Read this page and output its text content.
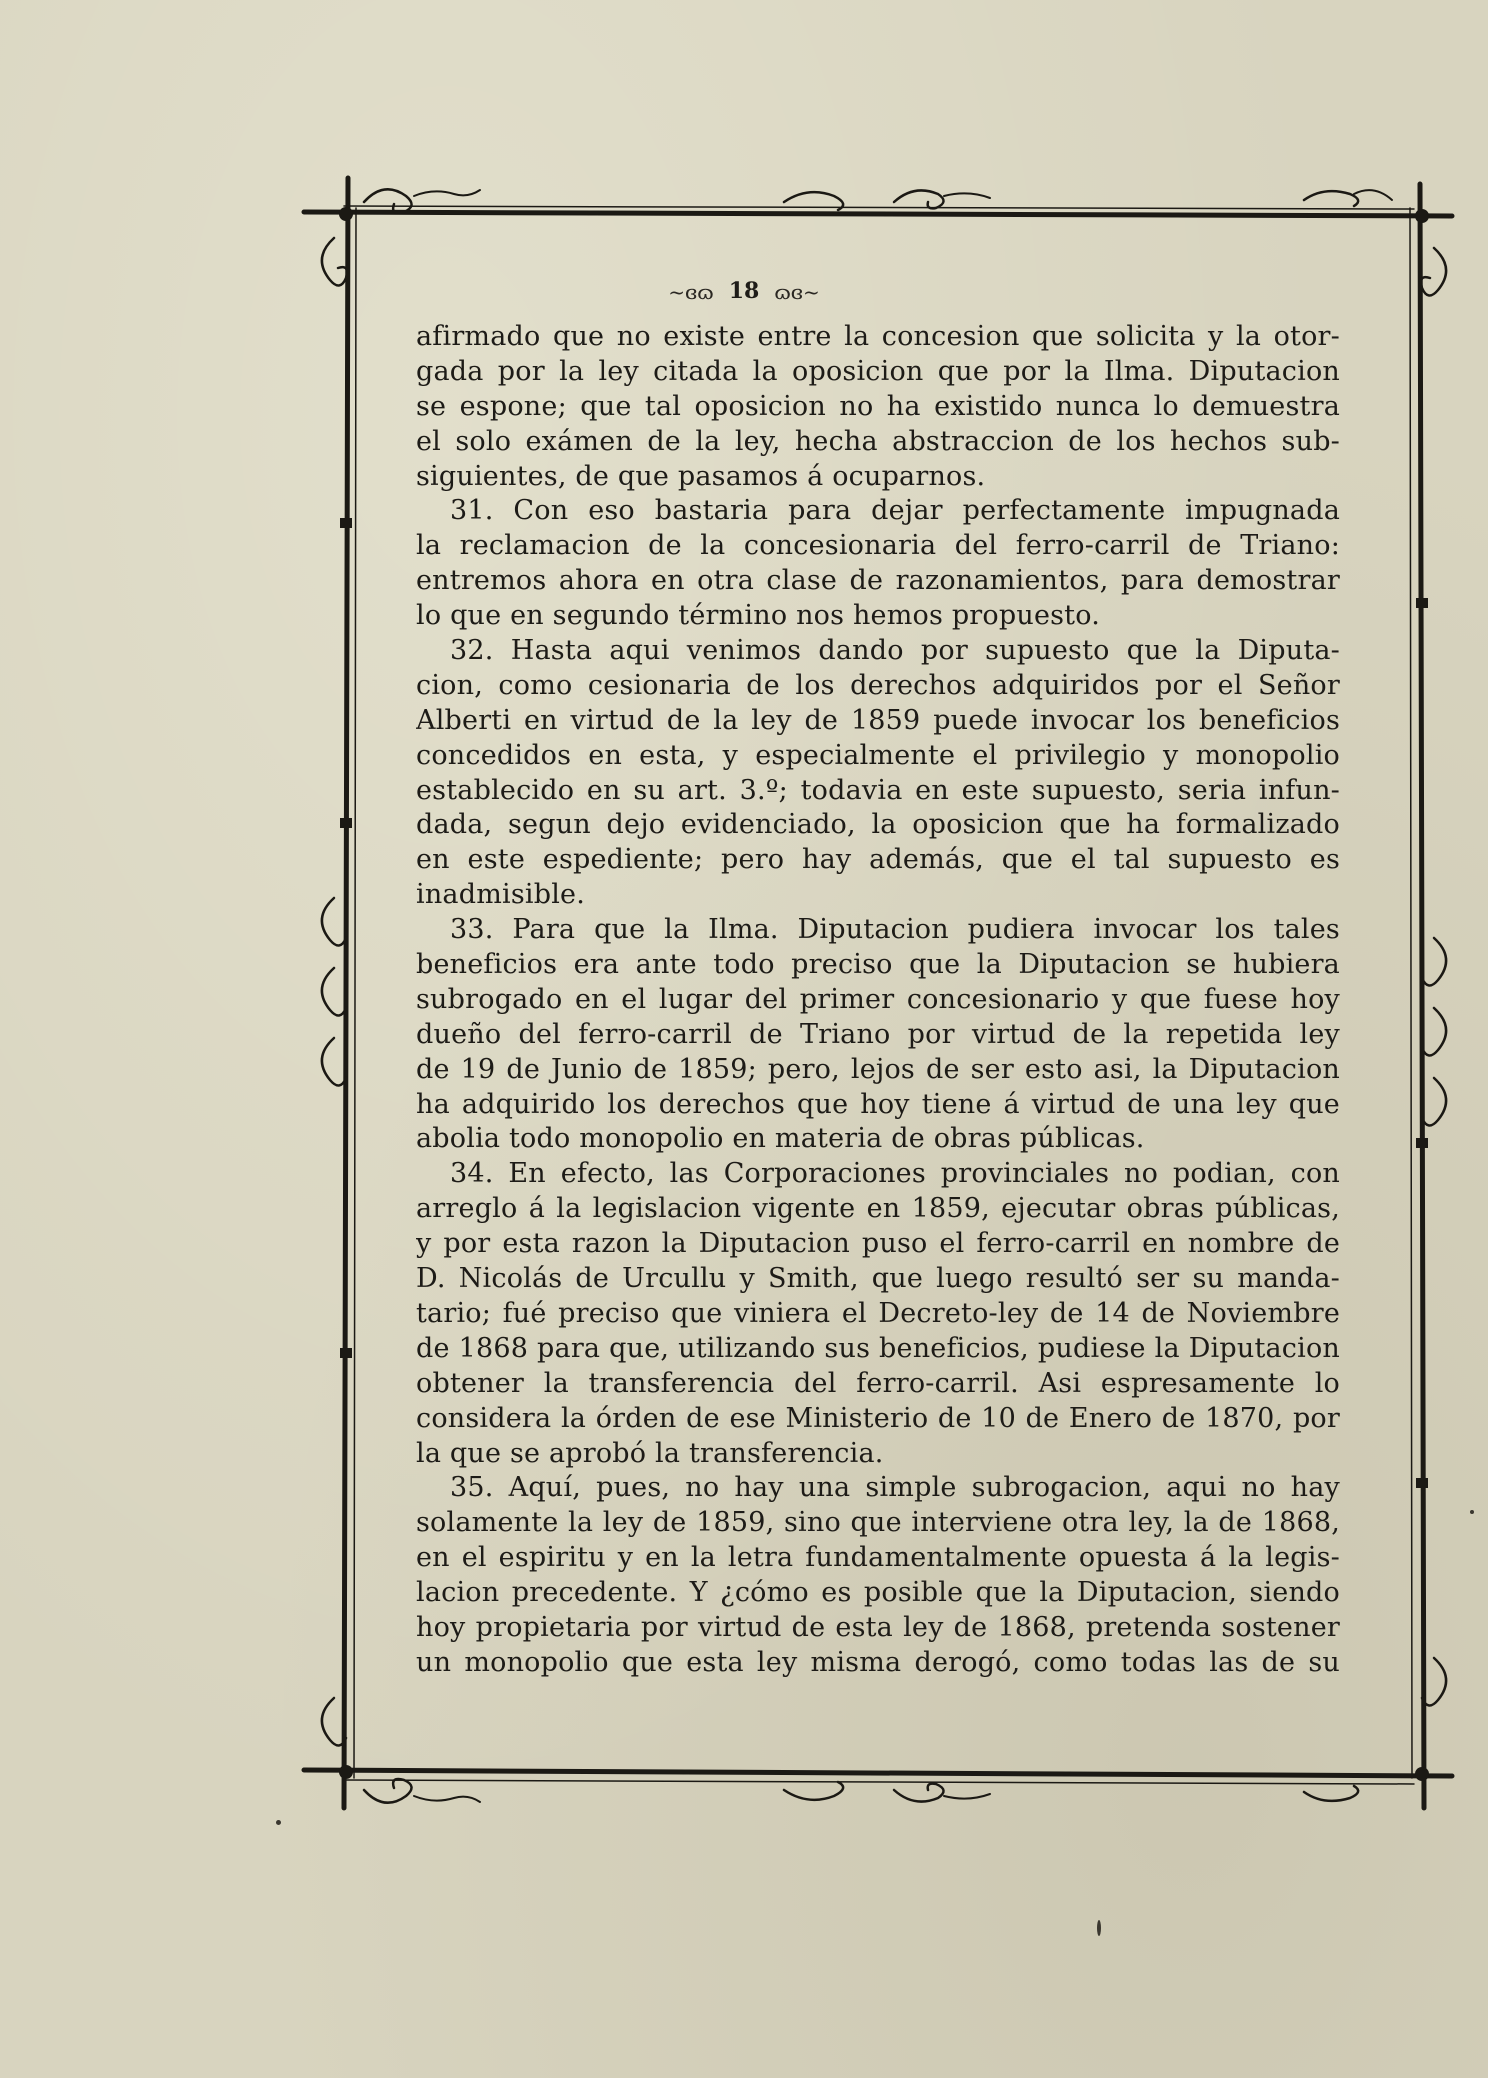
~ɞɷ 18 ɷɞ~
afirmado que no existe entre la concesion que solicita y la otor-
gada por la ley citada la oposicion que por la Ilma. Diputacion
se espone; que tal oposicion no ha existido nunca lo demuestra
el solo exámen de la ley, hecha abstraccion de los hechos sub-
siguientes, de que pasamos á ocuparnos.
31. Con eso bastaria para dejar perfectamente impugnada
la reclamacion de la concesionaria del ferro-carril de Triano:
entremos ahora en otra clase de razonamientos, para demostrar
lo que en segundo término nos hemos propuesto.
32. Hasta aqui venimos dando por supuesto que la Diputa-
cion, como cesionaria de los derechos adquiridos por el Señor
Alberti en virtud de la ley de 1859 puede invocar los beneficios
concedidos en esta, y especialmente el privilegio y monopolio
establecido en su art. 3.º; todavia en este supuesto, seria infun-
dada, segun dejo evidenciado, la oposicion que ha formalizado
en este espediente; pero hay además, que el tal supuesto es
inadmisible.
33. Para que la Ilma. Diputacion pudiera invocar los tales
beneficios era ante todo preciso que la Diputacion se hubiera
subrogado en el lugar del primer concesionario y que fuese hoy
dueño del ferro-carril de Triano por virtud de la repetida ley
de 19 de Junio de 1859; pero, lejos de ser esto asi, la Diputacion
ha adquirido los derechos que hoy tiene á virtud de una ley que
abolia todo monopolio en materia de obras públicas.
34. En efecto, las Corporaciones provinciales no podian, con
arreglo á la legislacion vigente en 1859, ejecutar obras públicas,
y por esta razon la Diputacion puso el ferro-carril en nombre de
D. Nicolás de Urcullu y Smith, que luego resultó ser su manda-
tario; fué preciso que viniera el Decreto-ley de 14 de Noviembre
de 1868 para que, utilizando sus beneficios, pudiese la Diputacion
obtener la transferencia del ferro-carril. Asi espresamente lo
considera la órden de ese Ministerio de 10 de Enero de 1870, por
la que se aprobó la transferencia.
35. Aquí, pues, no hay una simple subrogacion, aqui no hay
solamente la ley de 1859, sino que interviene otra ley, la de 1868,
en el espiritu y en la letra fundamentalmente opuesta á la legis-
lacion precedente. Y ¿cómo es posible que la Diputacion, siendo
hoy propietaria por virtud de esta ley de 1868, pretenda sostener
un monopolio que esta ley misma derogó, como todas las de su
